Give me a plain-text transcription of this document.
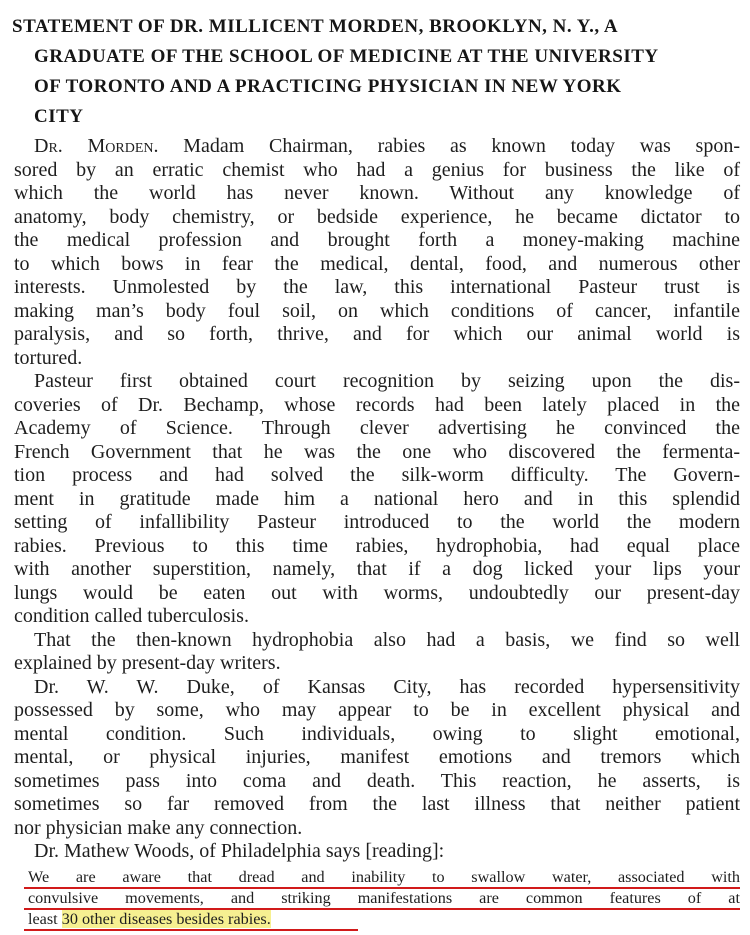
STATEMENT OF DR. MILLICENT MORDEN, BROOKLYN, N. Y., A
GRADUATE OF THE SCHOOL OF MEDICINE AT THE UNIVERSITY
OF TORONTO AND A PRACTICING PHYSICIAN IN NEW YORK
CITY

Dr. Morden. Madam Chairman, rabies as known today was spon-
sored by an erratic chemist who had a genius for business the like of
which the world has never known. Without any knowledge of
anatomy, body chemistry, or bedside experience, he became dictator to
the medical profession and brought forth a money-making machine
to which bows in fear the medical, dental, food, and numerous other
interests. Unmolested by the law, this international Pasteur trust is
making man’s body foul soil, on which conditions of cancer, infantile
paralysis, and so forth, thrive, and for which our animal world is
tortured.

Pasteur first obtained court recognition by seizing upon the dis-
coveries of Dr. Bechamp, whose records had been lately placed in the
Academy of Science. Through clever advertising he convinced the
French Government that he was the one who discovered the fermenta-
tion process and had solved the silk-worm difficulty. The Govern-
ment in gratitude made him a national hero and in this splendid
setting of infallibility Pasteur introduced to the world the modern
rabies. Previous to this time rabies, hydrophobia, had equal place
with another superstition, namely, that if a dog licked your lips your
lungs would be eaten out with worms, undoubtedly our present-day
condition called tuberculosis.

That the then-known hydrophobia also had a basis, we find so well
explained by present-day writers.

Dr. W. W. Duke, of Kansas City, has recorded hypersensitivity
possessed by some, who may appear to be in excellent physical and
mental condition. Such individuals, owing to slight emotional,
mental, or physical injuries, manifest emotions and tremors which
sometimes pass into coma and death. This reaction, he asserts, is
sometimes so far removed from the last illness that neither patient
nor physician make any connection.

Dr. Mathew Woods, of Philadelphia says [reading]:

We are aware that dread and inability to swallow water, associated with
convulsive movements, and striking manifestations are common features of at
least 30 other diseases besides rabies.
